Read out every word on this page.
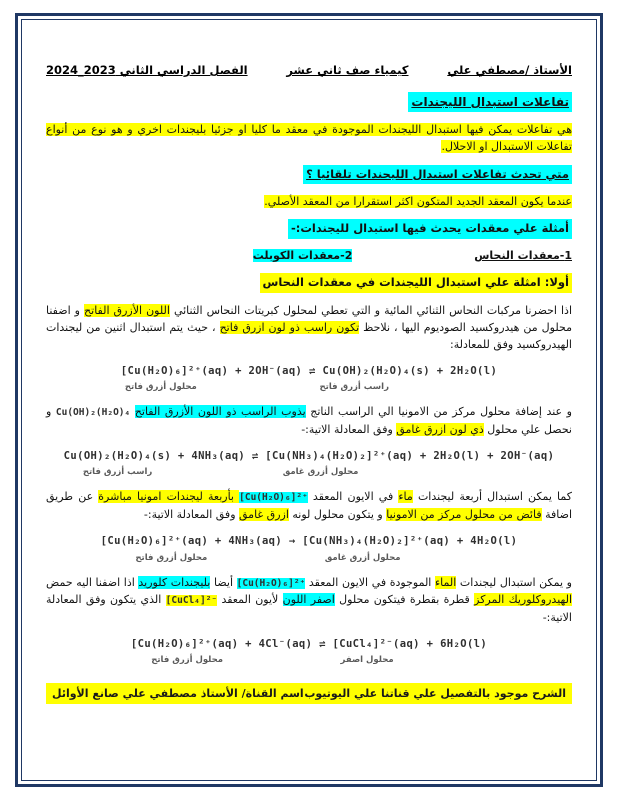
الأستاذ /مصطفي علي
كيمياء صف ثاني عشر
الفصل الدراسي الثاني 2023_2024
تفاعلات استبدال الليجندات

هي تفاعلات يمكن فيها استبدال الليجندات الموجودة في معقد ما كليا او جزئيا بليجندات اخري و هو نوع من أنواع تفاعلات الاستبدال او الاحلال.

متي تحدث تفاعلات استبدال الليجندات تلقائيا ؟

عندما يكون المعقد الجديد المتكون اكثر استقرارا من المعقد الأصلي.

أمثلة علي معقدات يحدث فيها استبدال لليجندات:-
1-معقدات النحاس 2-معقدات الكوبلت
أولا: امثلة علي استبدال الليجندات في معقدات النحاس

اذا احضرنا مركبات النحاس الثنائي المائية و التي تعطي لمحلول كبريتات النحاس الثنائي اللون الأزرق الفاتح و اضفنا محلول من هيدروكسيد الصوديوم اليها ، نلاحظ تكون راسب ذو لون ازرق فاتح ، حيث يتم استبدال اثنين من ليجندات الهيدروكسيد وفق للمعادلة:

[Cu(H₂O)₆]²⁺(aq) + 2OH⁻(aq) ⇌ Cu(OH)₂(H₂O)₄(s) + 2H₂O(l)
محلول أزرق فاتح	راسب أزرق فاتح

و عند إضافة محلول مركز من الامونيا الي الراسب الناتج يذوب الراسب ذو اللون الأزرق الفاتح Cu(OH)₂(H₂O)₄ و نحصل علي محلول ذي لون ازرق غامق وفق المعادلة الاتية:-

Cu(OH)₂(H₂O)₄(s) + 4NH₃(aq) ⇌ [Cu(NH₃)₄(H₂O)₂]²⁺(aq) + 2H₂O(l) + 2OH⁻(aq)
راسب أزرق فاتح	محلول أزرق غامق

كما يمكن استبدال أربعة ليجندات ماء في الايون المعقد [Cu(H₂O)₆]²⁺ بأربعة ليجندات امونيا مباشرة عن طريق اضافة فائض من محلول مركز من الامونيا و يتكون محلول لونه ازرق غامق وفق المعادلة الاتية:-

[Cu(H₂O)₆]²⁺(aq) + 4NH₃(aq) → [Cu(NH₃)₄(H₂O)₂]²⁺(aq) + 4H₂O(l)
محلول أزرق فاتح	محلول أزرق غامق

و يمكن استبدال ليجندات الماء الموجودة في الايون المعقد [Cu(H₂O)₆]²⁺ أيضا بليجندات كلوريد اذا اضفنا اليه حمض الهيدروكلوريك المركز قطرة بقطرة فيتكون محلول اصفر اللون لأيون المعقد [CuCl₄]²⁻ الذي يتكون وفق المعادلة الاتية:-

[Cu(H₂O)₆]²⁺(aq) + 4Cl⁻(aq) ⇌ [CuCl₄]²⁻(aq) + 6H₂O(l)
محلول أزرق فاتح	محلول اصفر
الشرح موجود بالتفصيل علي قناتنا علي اليوتيوب
اسم القناة/ الأستاذ مصطفي علي صانع الأوائل
